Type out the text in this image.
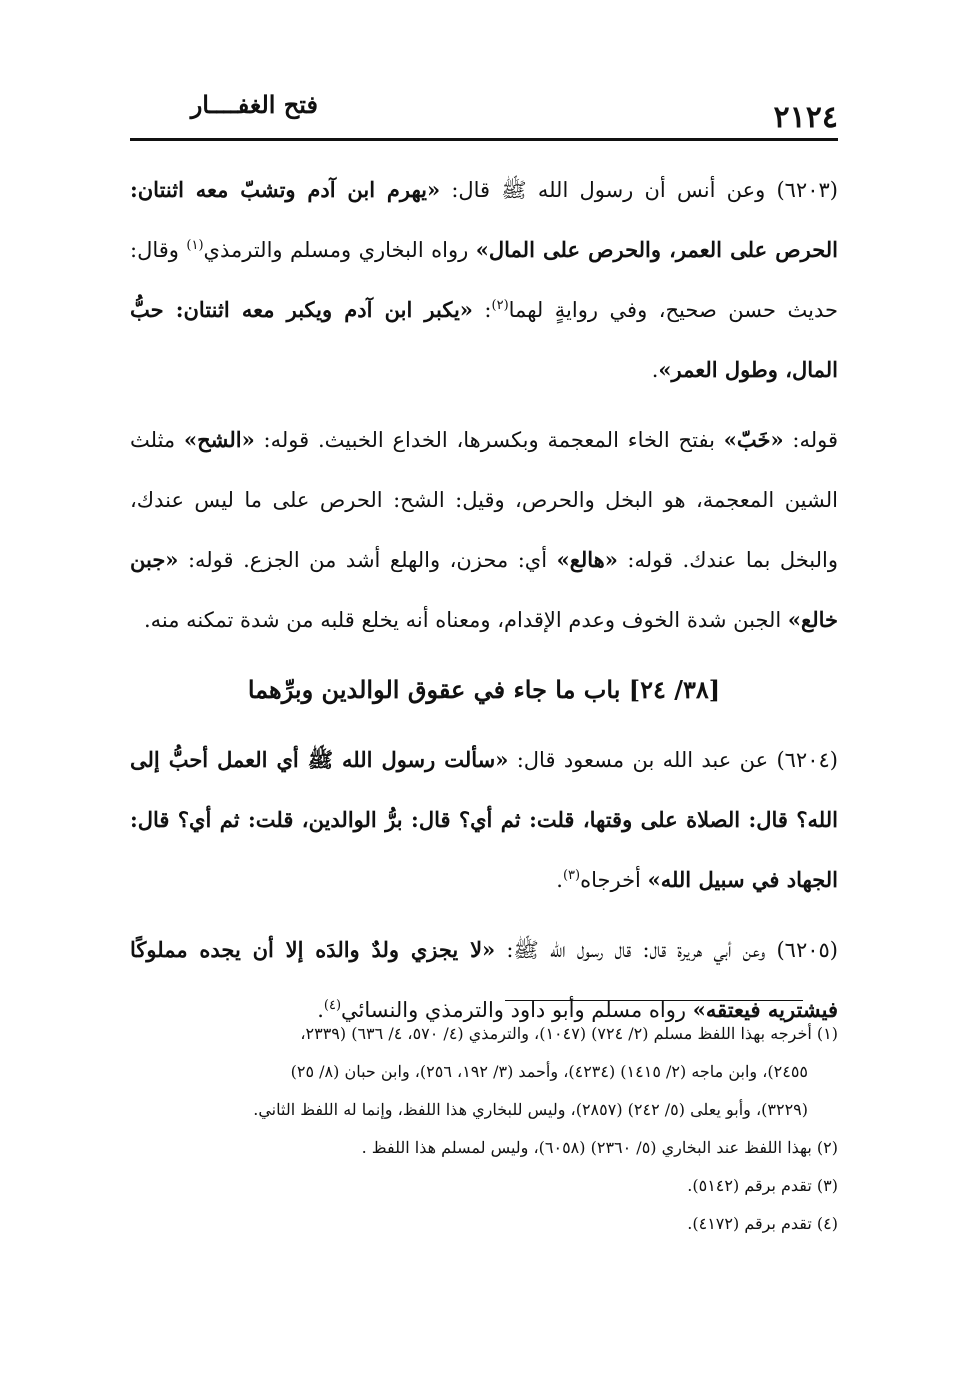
٢١٢٤
فتح الغفــــار

(٦٢٠٣) وعن أنس أن رسول الله ﷺ قال: «يهرم ابن آدم وتشبّ معه اثنتان: الحرص على العمر، والحرص على المال» رواه البخاري ومسلم والترمذي$^{(١)}$ وقال: حديث حسن صحيح، وفي روايةٍ لهما$^{(٢)}$: «يكبر ابن آدم ويكبر معه اثنتان: حبُّ المال، وطول العمر».

قوله: «خَبّ» بفتح الخاء المعجمة وبكسرها، الخداع الخبيث. قوله: «الشح» مثلث الشين المعجمة، هو البخل والحرص، وقيل: الشح: الحرص على ما ليس عندك، والبخل بما عندك. قوله: «هالع» أي: محزن، والهلع أشد من الجزع. قوله: «جبن خالع» الجبن شدة الخوف وعدم الإقدام، ومعناه أنه يخلع قلبه من شدة تمكنه منه.

[٣٨/ ٢٤] باب ما جاء في عقوق الوالدين وبرِّهما

(٦٢٠٤) عن عبد الله بن مسعود قال: «سألت رسول الله ﷺ أي العمل أحبُّ إلى الله؟ قال: الصلاة على وقتها، قلت: ثم أي؟ قال: برُّ الوالدين، قلت: ثم أي؟ قال: الجهاد في سبيل الله» أخرجاه$^{(٣)}$.

(٦٢٠٥) وعن أبي هريرة قال: قال رسول الله ﷺ: «لا يجزي ولدٌ والدَه إلا أن يجده مملوكًا فيشتريه فيعتقه» رواه مسلم وأبو داود والترمذي والنسائي$^{(٤)}$.

(١) أخرجه بهذا اللفظ مسلم (٢/ ٧٢٤) (١٠٤٧)، والترمذي (٤/ ٥٧٠، ٤/ ٦٣٦) (٢٣٣٩،

٢٤٥٥)، وابن ماجه (٢/ ١٤١٥) (٤٢٣٤)، وأحمد (٣/ ١٩٢، ٢٥٦)، وابن حبان (٨/ ٢٥)

(٣٢٢٩)، وأبو يعلى (٥/ ٢٤٢) (٢٨٥٧)، وليس للبخاري هذا اللفظ، وإنما له اللفظ الثاني.

(٢) بهذا اللفظ عند البخاري (٥/ ٢٣٦٠) (٦٠٥٨)، وليس لمسلم هذا اللفظ .

(٣) تقدم برقم (٥١٤٢).

(٤) تقدم برقم (٤١٧٢).
